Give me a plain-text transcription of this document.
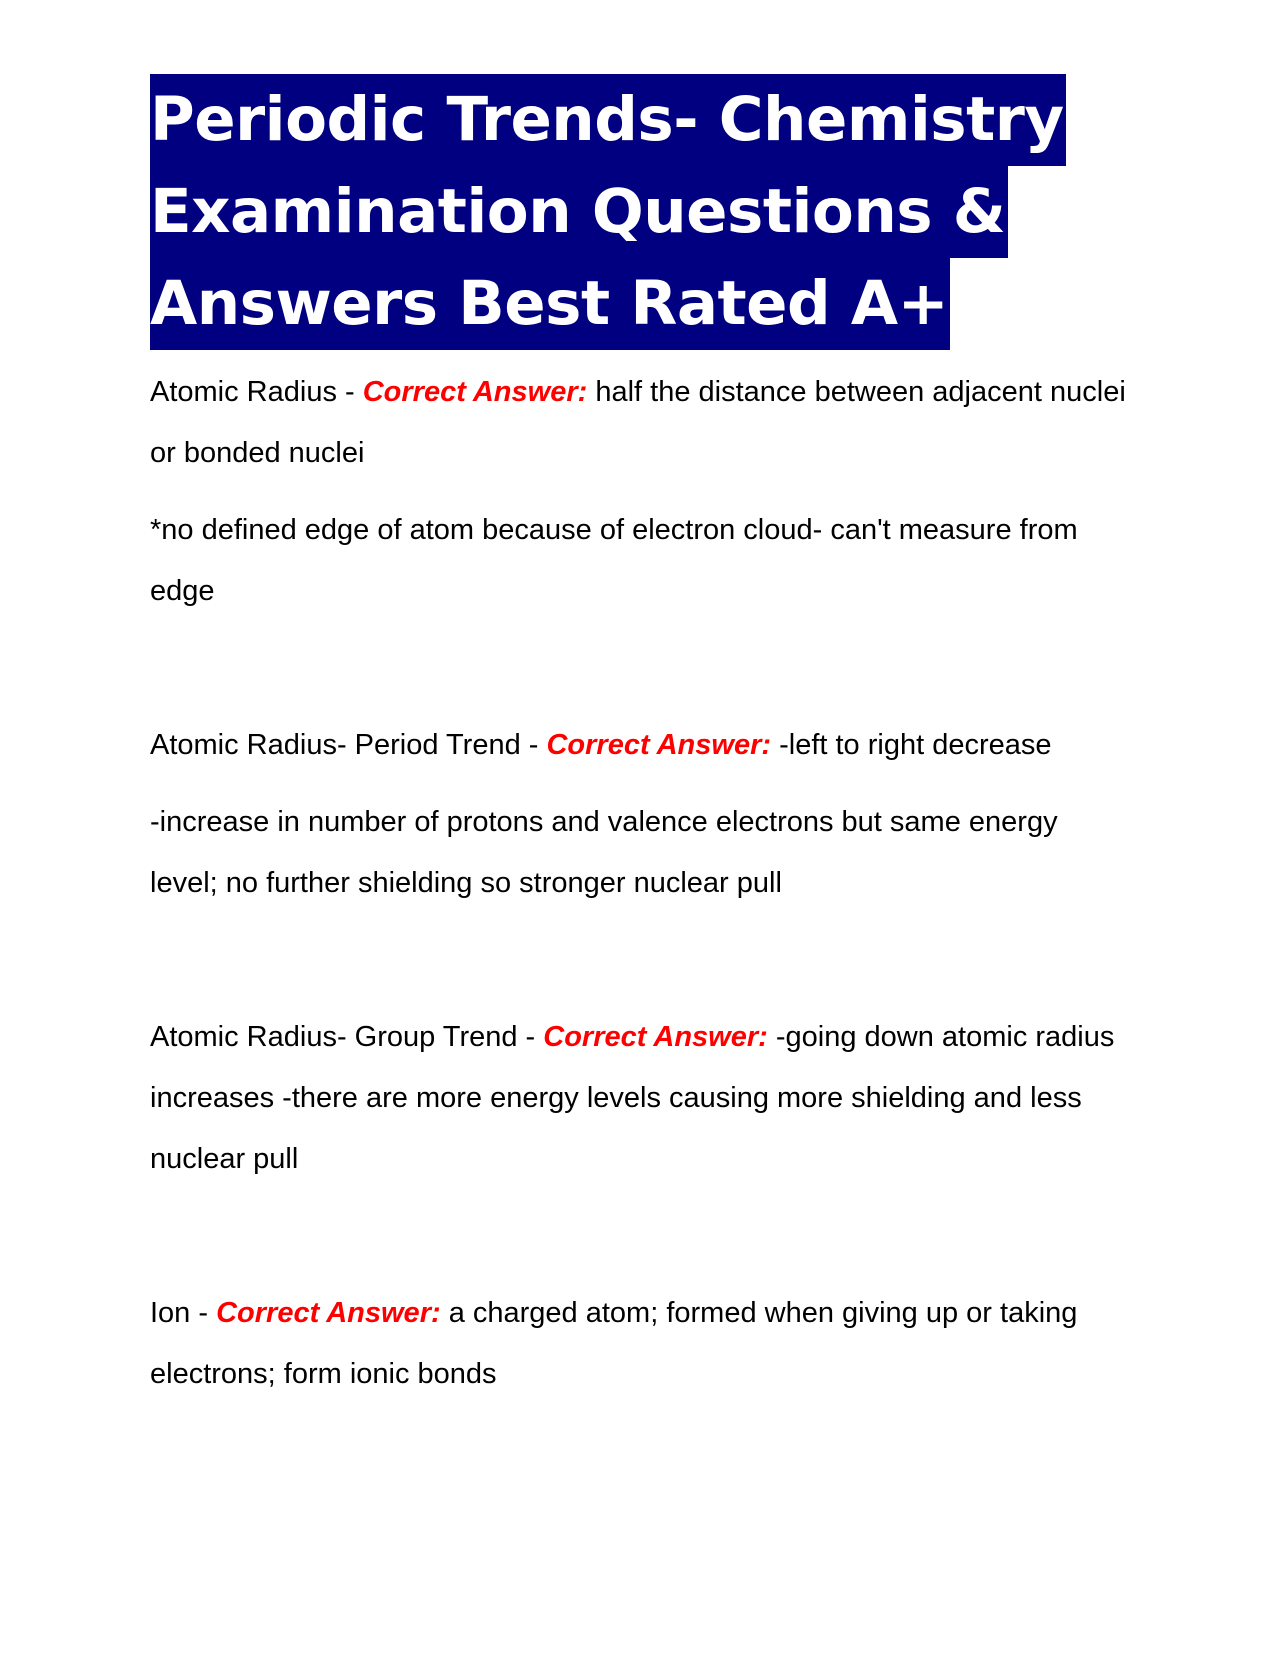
Periodic Trends- Chemistry
Examination Questions &
Answers Best Rated A+

Atomic Radius - Correct Answer: half the distance between adjacent nuclei or bonded nuclei

*no defined edge of atom because of electron cloud- can't measure from edge

Atomic Radius- Period Trend - Correct Answer: -left to right decrease

-increase in number of protons and valence electrons but same energy level; no further shielding so stronger nuclear pull

Atomic Radius- Group Trend - Correct Answer: -going down atomic radius increases -there are more energy levels causing more shielding and less nuclear pull

Ion - Correct Answer: a charged atom; formed when giving up or taking electrons; form ionic bonds
